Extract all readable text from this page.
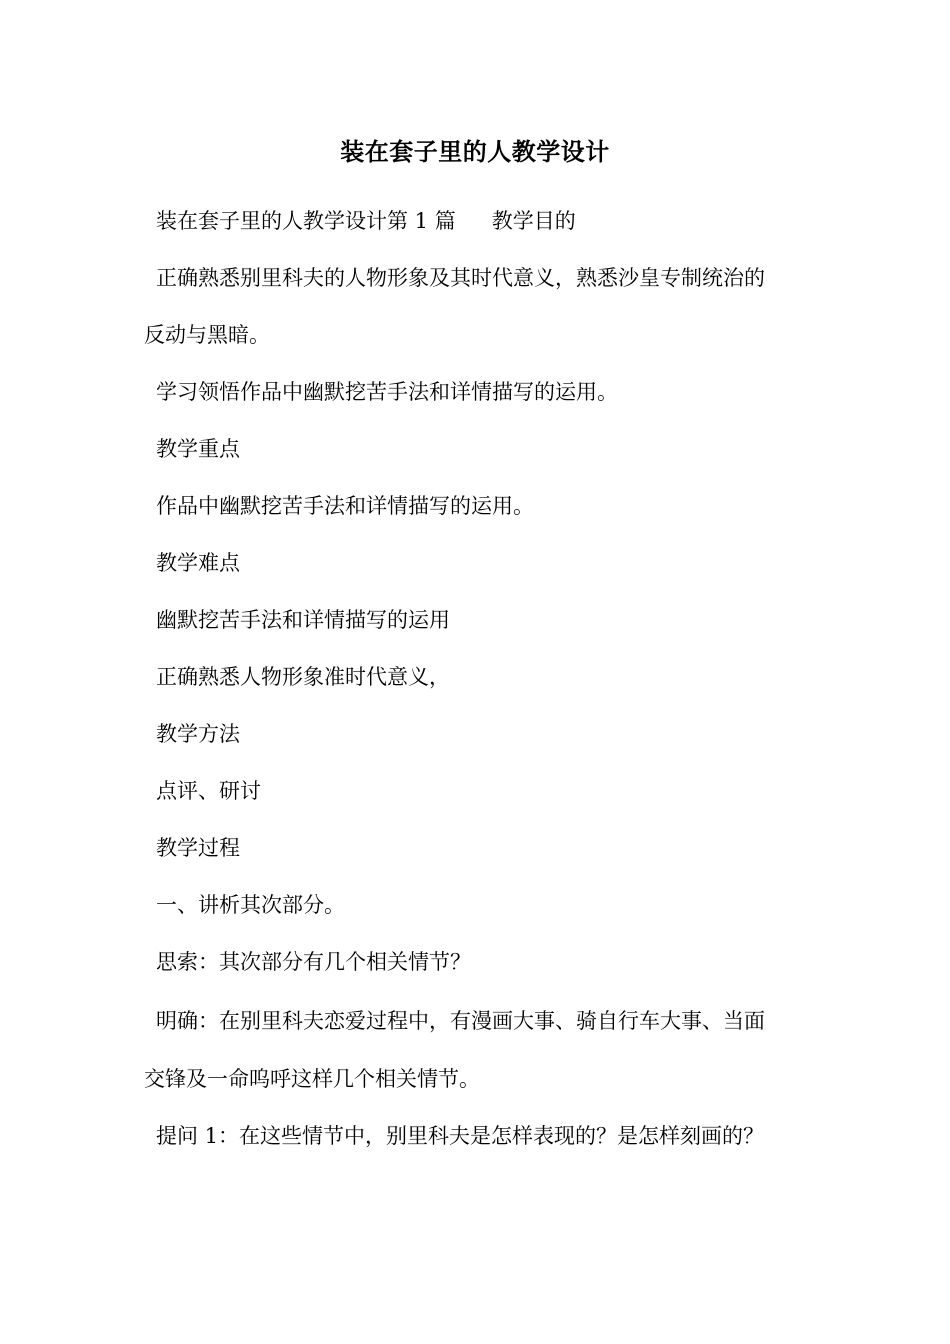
装在套子里的人教学设计
装在套子里的人教学设计第 1 篇 教学目的
正确熟悉别里科夫的人物形象及其时代意义，熟悉沙皇专制统治的
反动与黑暗。
学习领悟作品中幽默挖苦手法和详情描写的运用。
教学重点
作品中幽默挖苦手法和详情描写的运用。
教学难点
幽默挖苦手法和详情描写的运用
正确熟悉人物形象准时代意义，
教学方法
点评、研讨
教学过程
一、讲析其次部分。
思索：其次部分有几个相关情节？
明确：在别里科夫恋爱过程中，有漫画大事、骑自行车大事、当面
交锋及一命呜呼这样几个相关情节。
提问 1：在这些情节中，别里科夫是怎样表现的？是怎样刻画的？
